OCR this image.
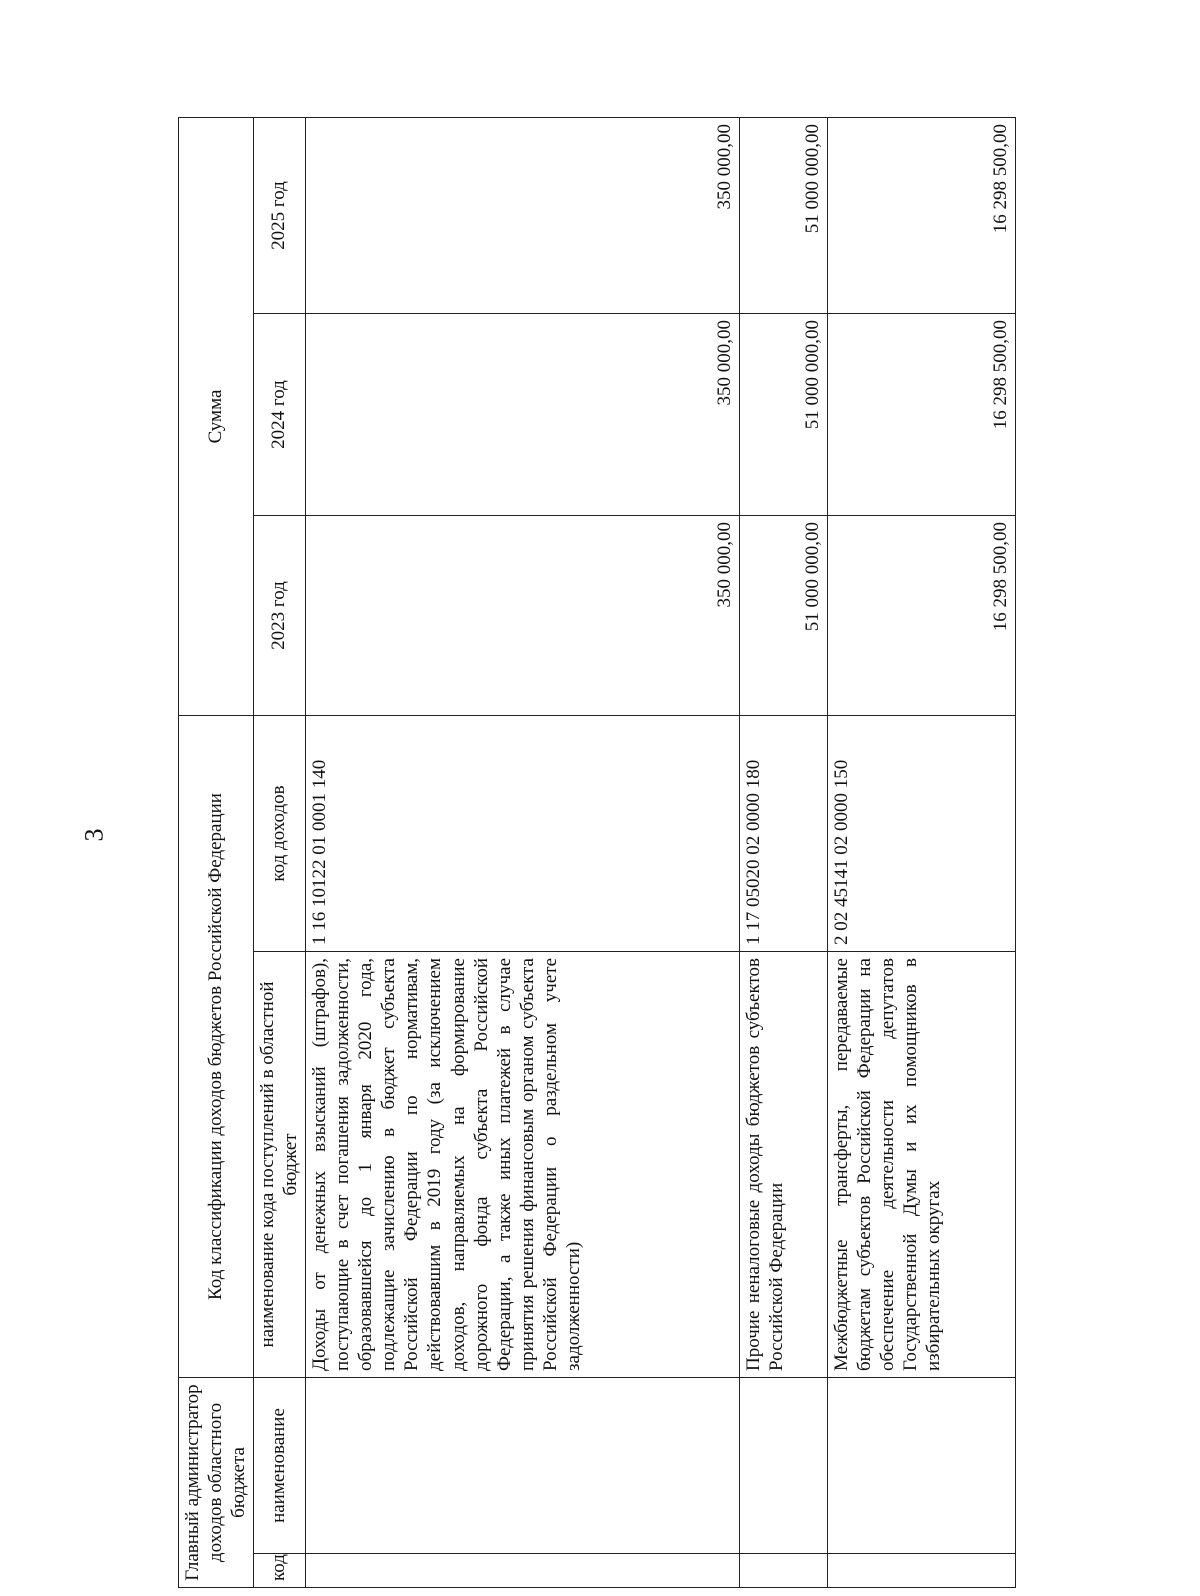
3
Главный администратор доходов областного бюджета		Код классификации доходов бюджетов Российской Федерации		Сумма		
код	наименование	наименование кода поступлений в областной бюджет	код доходов	2023 год	2024 год	2025 год
		Доходы от денежных взысканий (штрафов), поступающие в счет погашения задолженности, образовавшейся до 1 января 2020 года, подлежащие зачислению в бюджет субъекта Российской Федерации по нормативам, действовавшим в 2019 году (за исключением доходов, направляемых на формирование дорожного фонда субъекта Российской Федерации, а также иных платежей в случае принятия решения финансовым органом субъекта Российской Федерации о раздельном учете задолженности)	1 16 10122 01 0001 140	350 000,00	350 000,00	350 000,00
		Прочие неналоговые доходы бюджетов субъектов Российской Федерации	1 17 05020 02 0000 180	51 000 000,00	51 000 000,00	51 000 000,00
		Межбюджетные трансферты, передаваемые бюджетам субъектов Российской Федерации на обеспечение деятельности депутатов Государственной Думы и их помощников в избирательных округах	2 02 45141 02 0000 150	16 298 500,00	16 298 500,00	16 298 500,00
